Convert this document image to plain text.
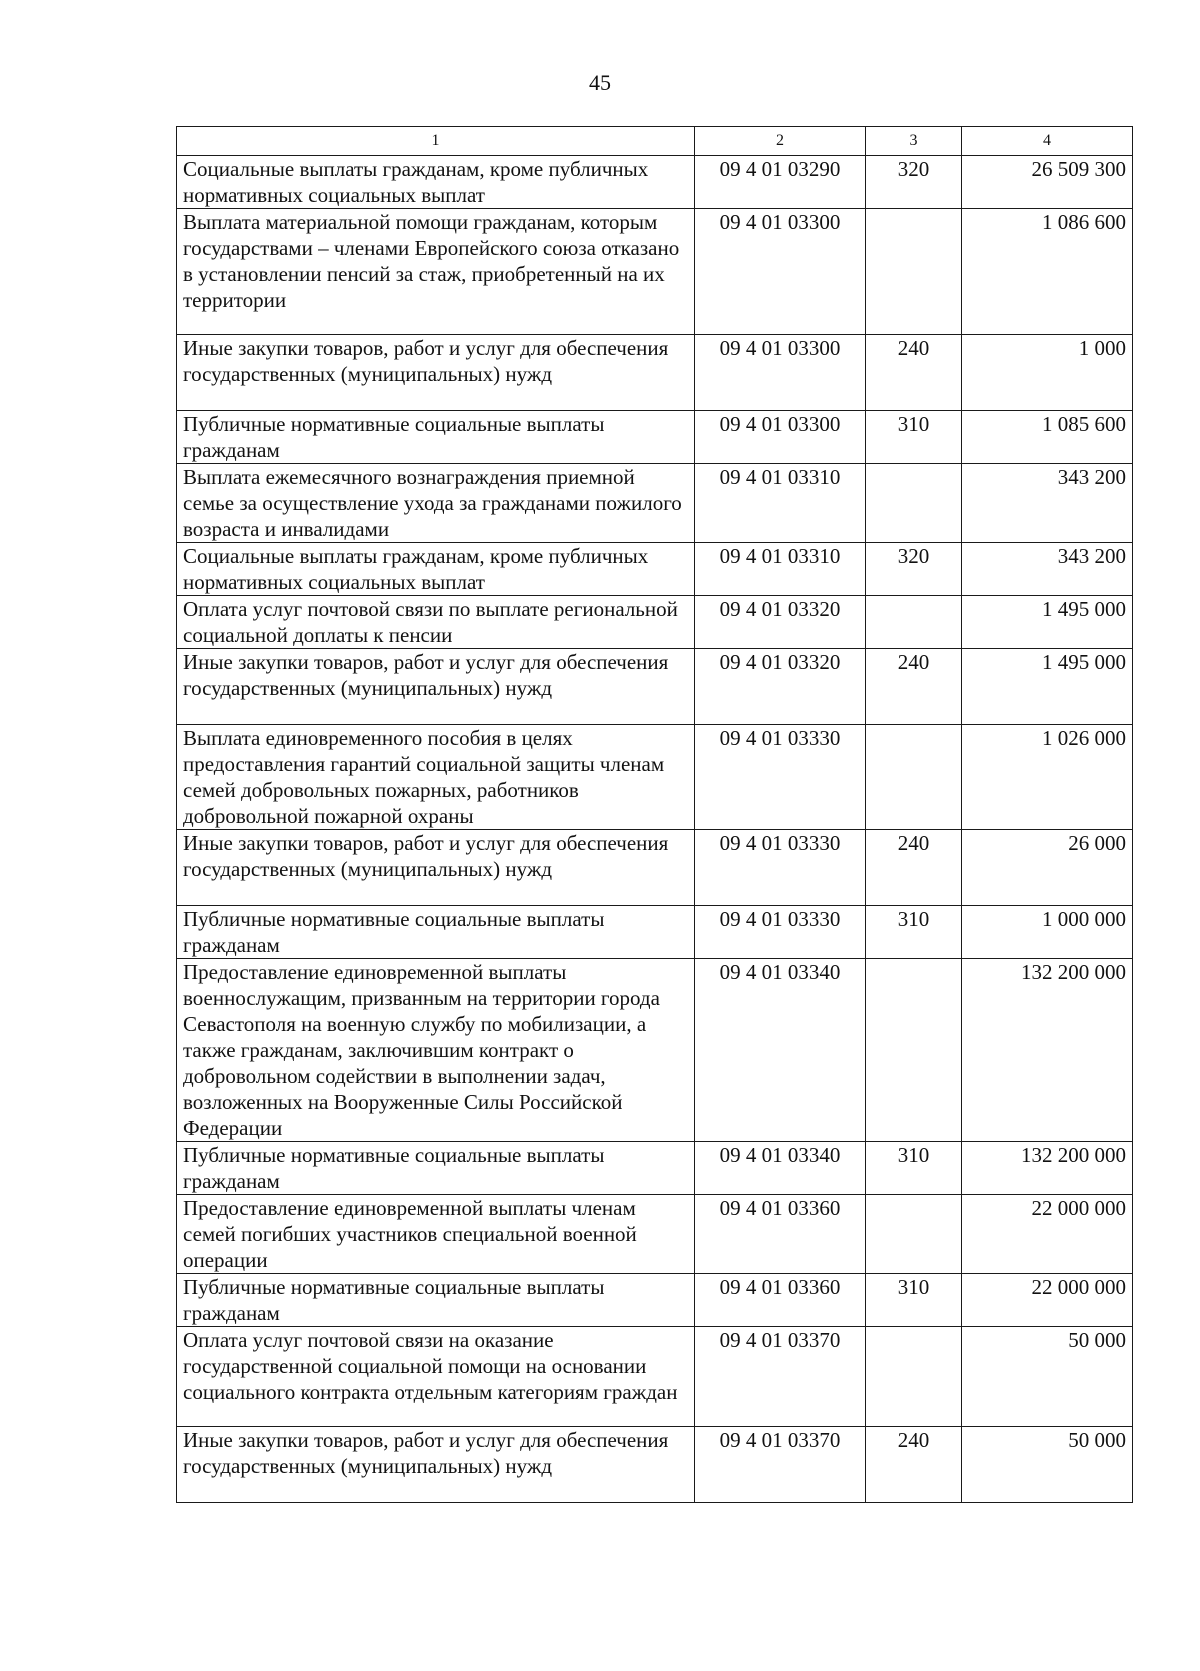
45
1	2	3	4
Социальные выплаты гражданам, кроме публичных нормативных социальных выплат	09 4 01 03290	320	26 509 300
Выплата материальной помощи гражданам, которым государствами – членами Европейского союза отказано в установлении пенсий за стаж, приобретенный на их территории	09 4 01 03300		1 086 600
Иные закупки товаров, работ и услуг для обеспечения государственных (муниципальных) нужд	09 4 01 03300	240	1 000
Публичные нормативные социальные выплаты гражданам	09 4 01 03300	310	1 085 600
Выплата ежемесячного вознаграждения приемной семье за осуществление ухода за гражданами пожилого возраста и инвалидами	09 4 01 03310		343 200
Социальные выплаты гражданам, кроме публичных нормативных социальных выплат	09 4 01 03310	320	343 200
Оплата услуг почтовой связи по выплате региональной социальной доплаты к пенсии	09 4 01 03320		1 495 000
Иные закупки товаров, работ и услуг для обеспечения государственных (муниципальных) нужд	09 4 01 03320	240	1 495 000
Выплата единовременного пособия в целях предоставления гарантий социальной защиты членам семей добровольных пожарных, работников добровольной пожарной охраны	09 4 01 03330		1 026 000
Иные закупки товаров, работ и услуг для обеспечения государственных (муниципальных) нужд	09 4 01 03330	240	26 000
Публичные нормативные социальные выплаты гражданам	09 4 01 03330	310	1 000 000
Предоставление единовременной выплаты военнослужащим, призванным на территории города Севастополя на военную службу по мобилизации, а также гражданам, заключившим контракт о добровольном содействии в выполнении задач, возложенных на Вооруженные Силы Российской Федерации	09 4 01 03340		132 200 000
Публичные нормативные социальные выплаты гражданам	09 4 01 03340	310	132 200 000
Предоставление единовременной выплаты членам семей погибших участников специальной военной операции	09 4 01 03360		22 000 000
Публичные нормативные социальные выплаты гражданам	09 4 01 03360	310	22 000 000
Оплата услуг почтовой связи на оказание государственной социальной помощи на основании социального контракта отдельным категориям граждан	09 4 01 03370		50 000
Иные закупки товаров, работ и услуг для обеспечения государственных (муниципальных) нужд	09 4 01 03370	240	50 000
